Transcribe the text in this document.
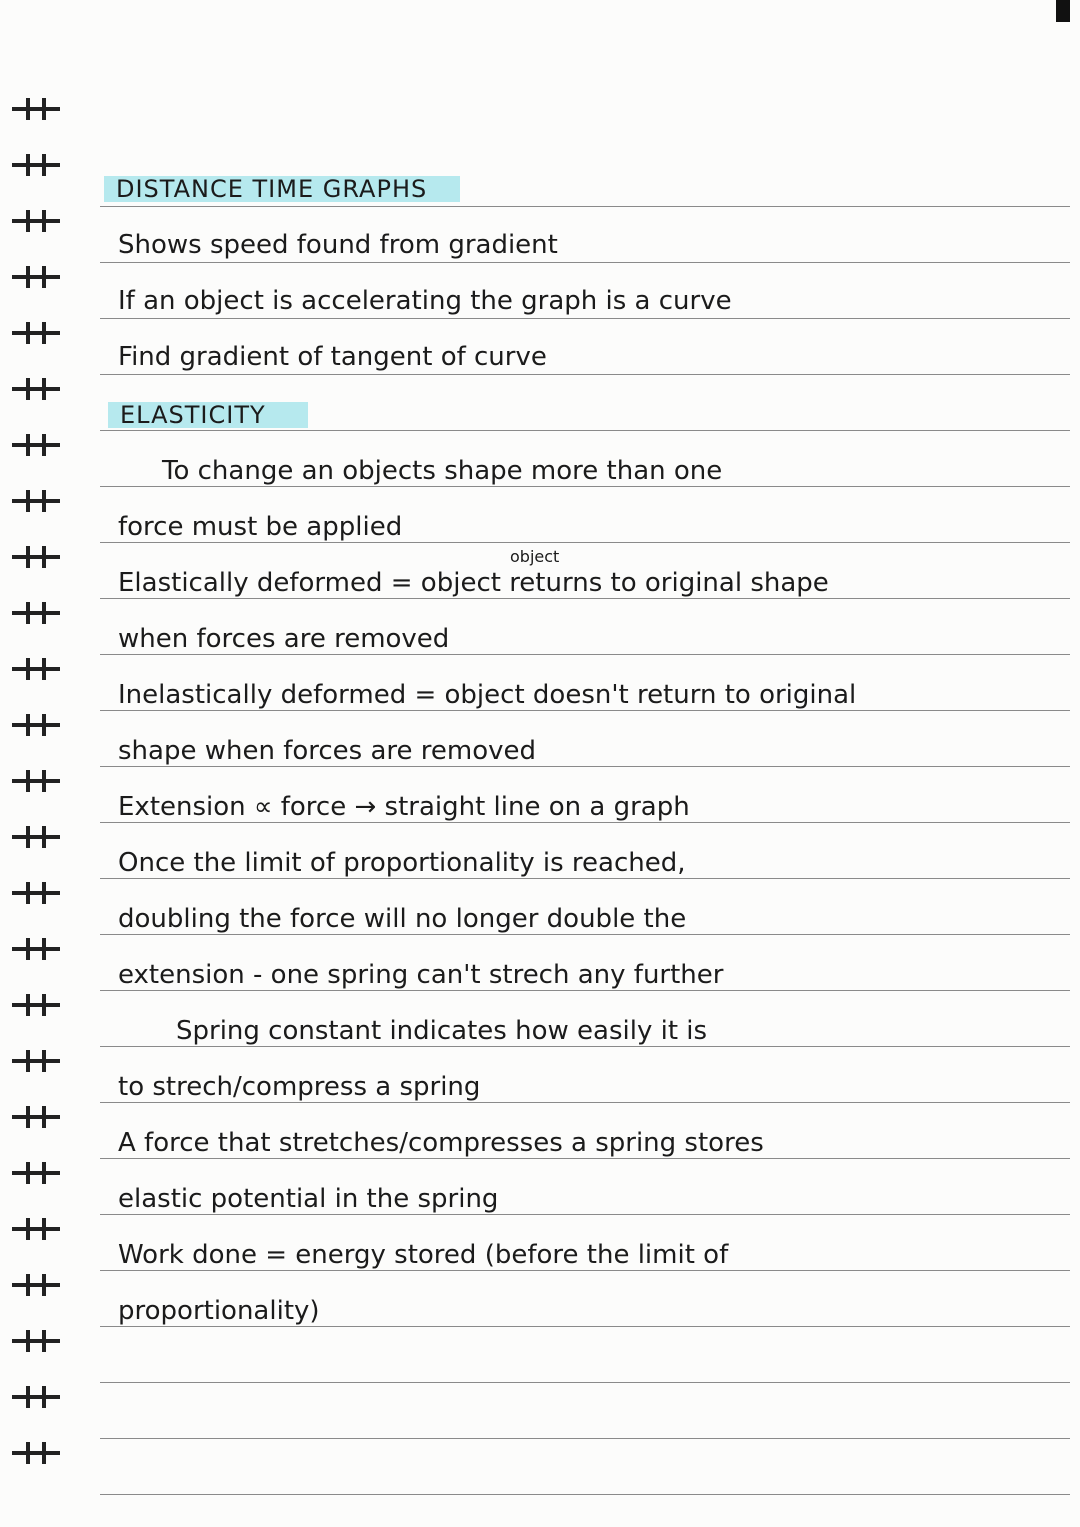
DISTANCE TIME GRAPHS
Shows speed found from gradient
If an object is accelerating the graph is a curve
Find gradient of tangent of curve
ELASTICITY
To change an objects shape more than one
force must be applied
object
Elastically deformed = object returns to original shape
when forces are removed
Inelastically deformed = object doesn't return to original
shape when forces are removed
Extension ∝ force → straight line on a graph
Once the limit of proportionality is reached,
doubling the force will no longer double the
extension - one spring can't strech any further
Spring constant indicates how easily it is
to strech/compress a spring
A force that stretches/compresses a spring stores
elastic potential in the spring
Work done = energy stored (before the limit of
proportionality)
